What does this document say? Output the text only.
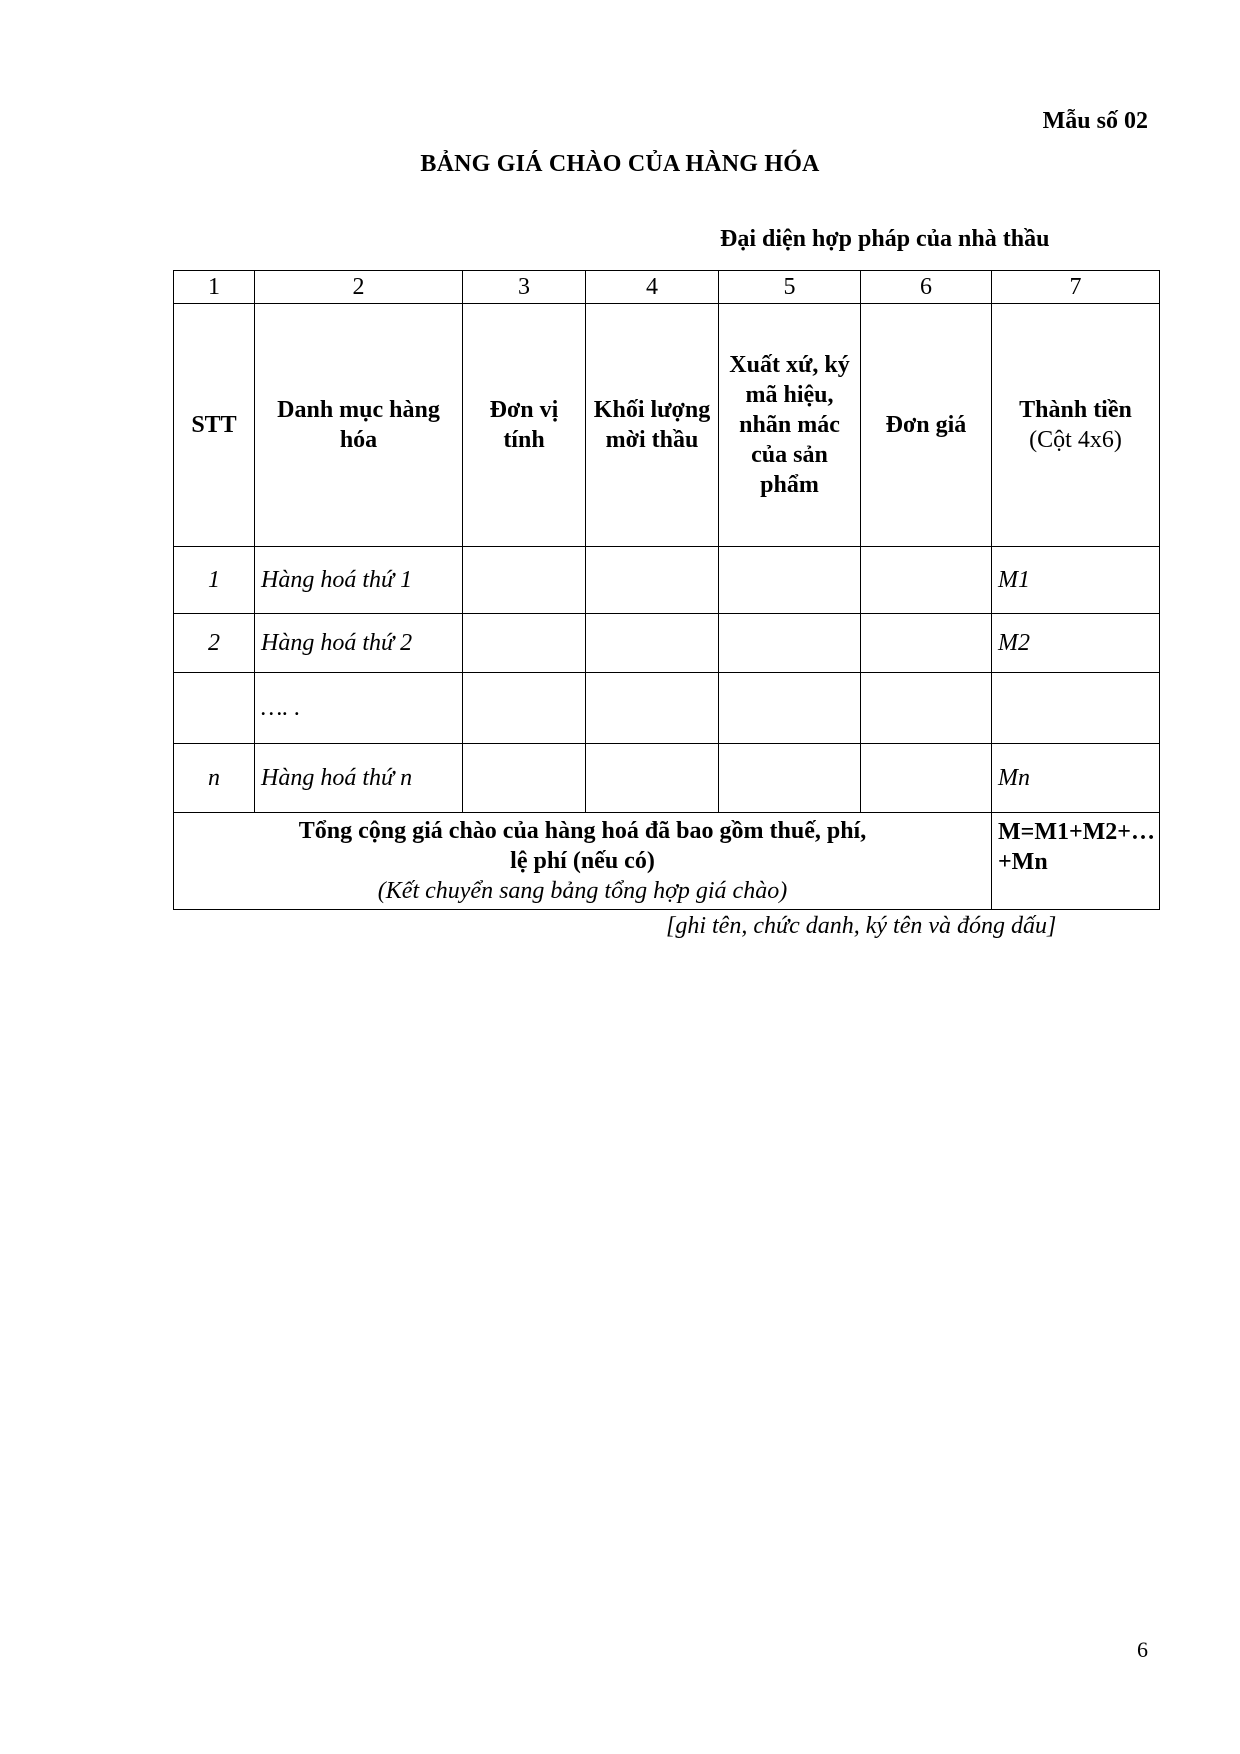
Mẫu số 02
BẢNG GIÁ CHÀO CỦA HÀNG HÓA
Đại diện hợp pháp của nhà thầu
1	2	3	4	5	6	7
STT	Danh mục hàng hóa	Đơn vị tính	Khối lượng mời thầu	Xuất xứ, ký mã hiệu, nhãn mác của sản phẩm	Đơn giá	Thành tiền
(Cột 4x6)

1	Hàng hoá thứ 1					M1
2	Hàng hoá thứ 2					M2
	…. .					
n	Hàng hoá thứ n					Mn

Tổng cộng giá chào của hàng hoá đã bao gồm thuế, phí,
lệ phí (nếu có)
(Kết chuyển sang bảng tổng hợp giá chào)						M=M1+M2+…+Mn
[ghi tên, chức danh, ký tên và đóng dấu]
6
